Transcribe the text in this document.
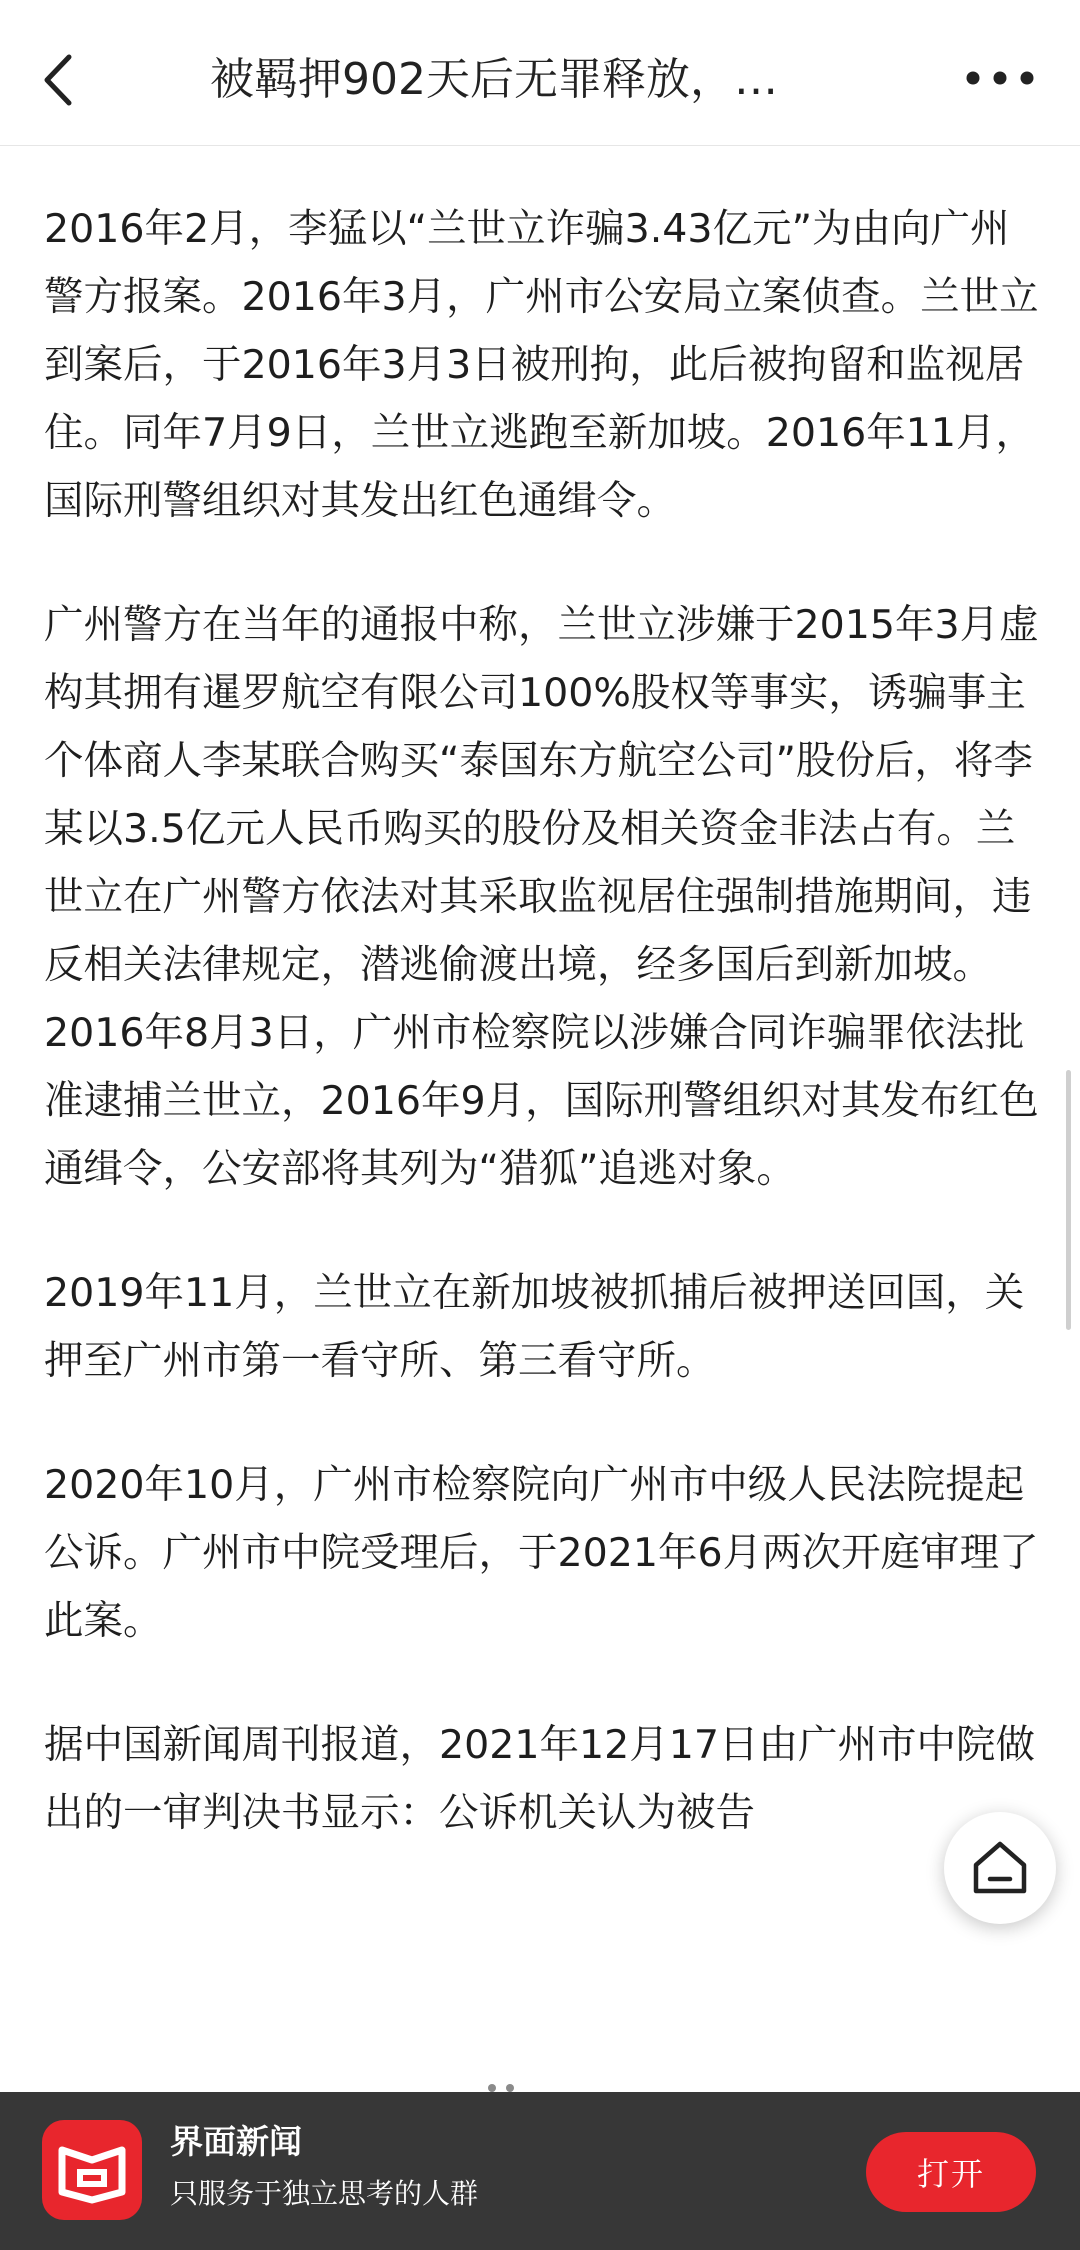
被羁押902天后无罪释放，…

2016年2月，李猛以“兰世立诈骗3.43亿元”为由向广州警方报案。2016年3月，广州市公安局立案侦查。兰世立到案后，于2016年3月3日被刑拘，此后被拘留和监视居住。同年7月9日，兰世立逃跑至新加坡。2016年11月，国际刑警组织对其发出红色通缉令。

广州警方在当年的通报中称，兰世立涉嫌于2015年3月虚构其拥有暹罗航空有限公司100%股权等事实，诱骗事主个体商人李某联合购买“泰国东方航空公司”股份后，将李某以3.5亿元人民币购买的股份及相关资金非法占有。兰世立在广州警方依法对其采取监视居住强制措施期间，违反相关法律规定，潜逃偷渡出境，经多国后到新加坡。2016年8月3日，广州市检察院以涉嫌合同诈骗罪依法批准逮捕兰世立，2016年9月，国际刑警组织对其发布红色通缉令，公安部将其列为“猎狐”追逃对象。

2019年11月，兰世立在新加坡被抓捕后被押送回国，关押至广州市第一看守所、第三看守所。

2020年10月，广州市检察院向广州市中级人民法院提起公诉。广州市中院受理后，于2021年6月两次开庭审理了此案。

据中国新闻周刊报道，2021年12月17日由广州市中院做出的一审判决书显示：公诉机关认为被告

界面新闻
只服务于独立思考的人群
打开
